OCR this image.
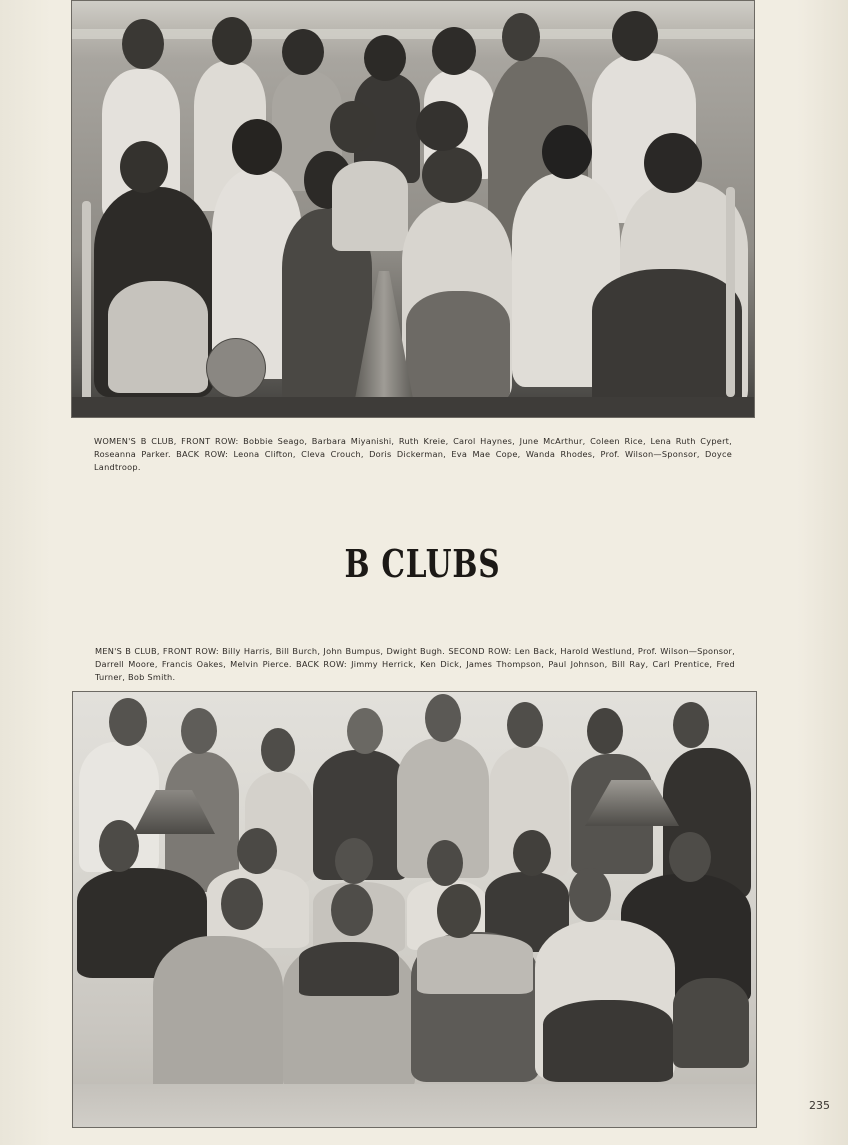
WOMEN'S B CLUB, FRONT ROW: Bobbie Seago, Barbara Miyanishi, Ruth Kreie, Carol Haynes, June McArthur, Coleen Rice, Lena Ruth Cypert, Roseanna Parker. BACK ROW: Leona Clifton, Cleva Crouch, Doris Dickerman, Eva Mae Cope, Wanda Rhodes, Prof. Wilson—Sponsor, Doyce Landtroop.
B CLUBS
MEN'S B CLUB, FRONT ROW: Billy Harris, Bill Burch, John Bumpus, Dwight Bugh. SECOND ROW: Len Back, Harold Westlund, Prof. Wilson—Sponsor, Darrell Moore, Francis Oakes, Melvin Pierce. BACK ROW: Jimmy Herrick, Ken Dick, James Thompson, Paul Johnson, Bill Ray, Carl Prentice, Fred Turner, Bob Smith.
235
